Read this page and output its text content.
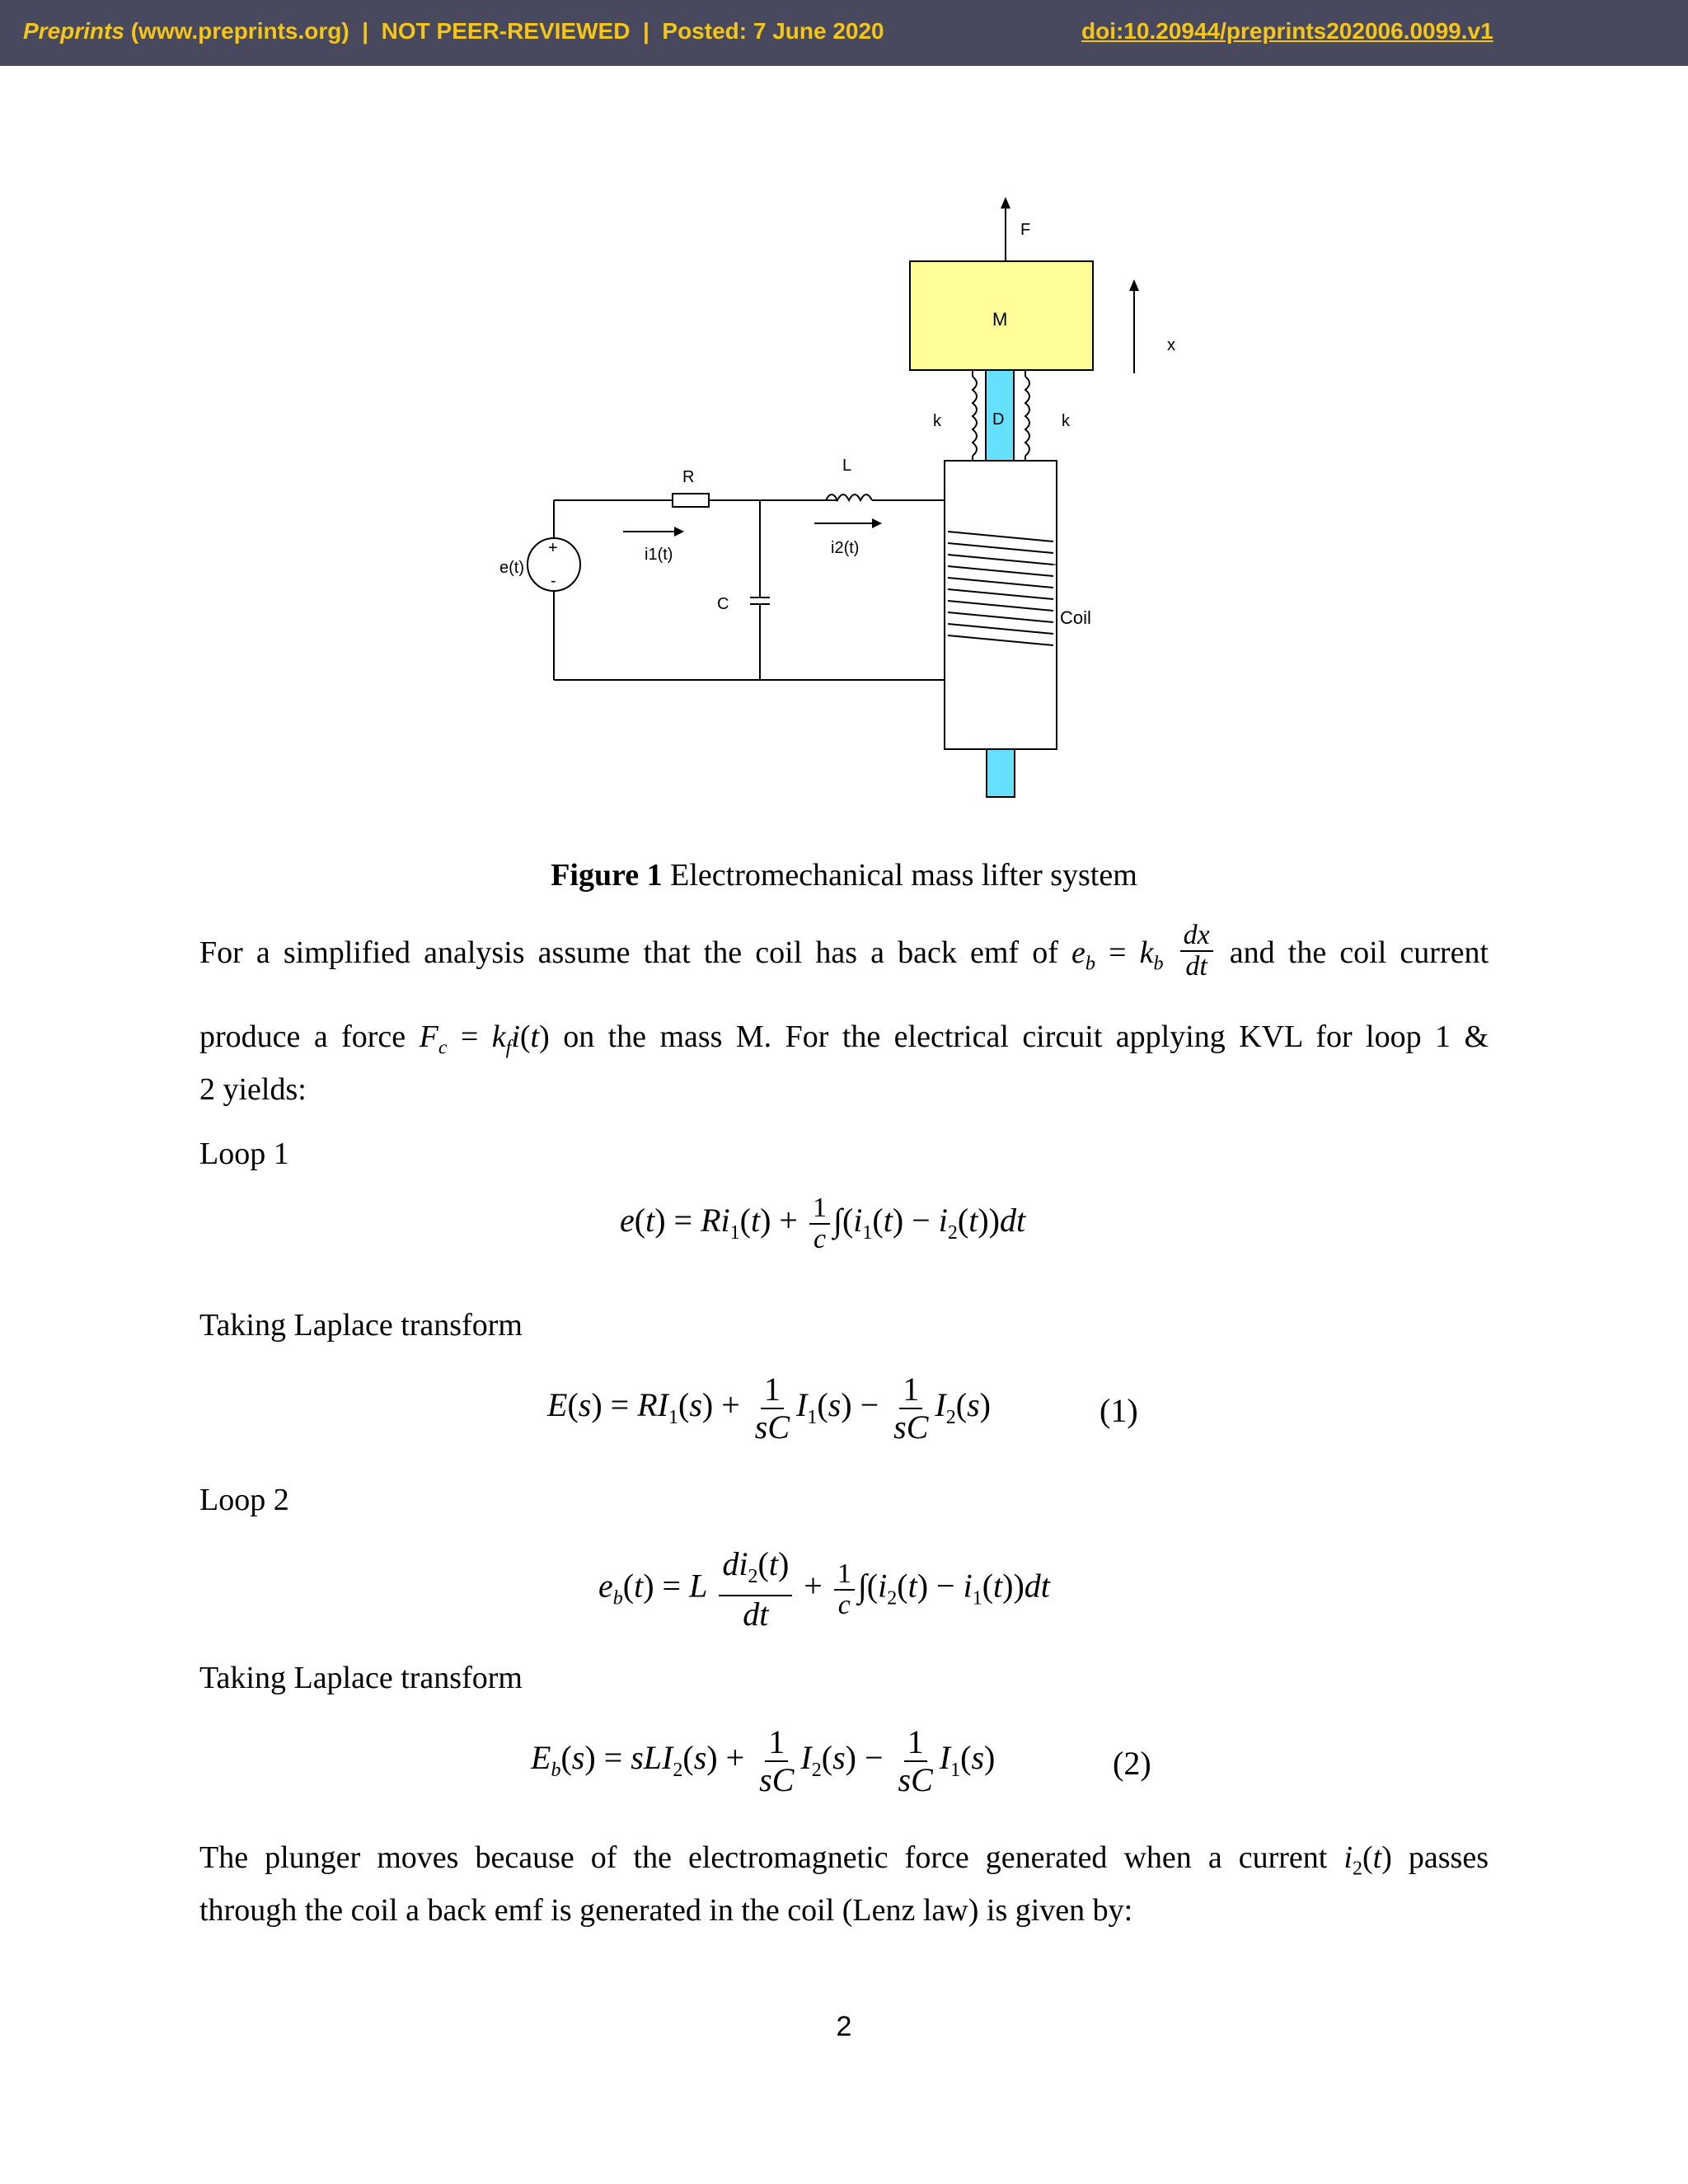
Preprints (www.preprints.org)  |  NOT PEER-REVIEWED  |  Posted: 7 June 2020	doi:10.20944/preprints202006.0099.v1
F
M
x
D
k	k
Coil
+
-
e(t)
R
L
C
i1(t)	i2(t)
Figure 1 Electromechanical mass lifter system
For a simplified analysis assume that the coil has a back emf of $e_b = k_b \frac{dx}{dt}$ and the coil current
produce a force $F_c = k_fi(t)$ on the mass M. For the electrical circuit applying KVL for loop 1 &
2 yields:
Loop 1
$e(t) = Ri_1(t) + \frac{1}{c} \int(i_1(t) - i_2(t))dt$
Taking Laplace transform
$E(s) = RI_1(s) + \frac{1}{sC} I_1(s) - \frac{1}{sC} I_2(s)$	(1)
Loop 2
$e_b(t) = L \frac{di_2(t)}{dt} + \frac{1}{c} \int(i_2(t) - i_1(t))dt$
Taking Laplace transform
$E_b(s) = sLI_2(s) + \frac{1}{sC} I_2(s) - \frac{1}{sC} I_1(s)$	(2)
The plunger moves because of the electromagnetic force generated when a current $i_2(t)$ passes
through the coil a back emf is generated in the coil (Lenz law) is given by:
2
